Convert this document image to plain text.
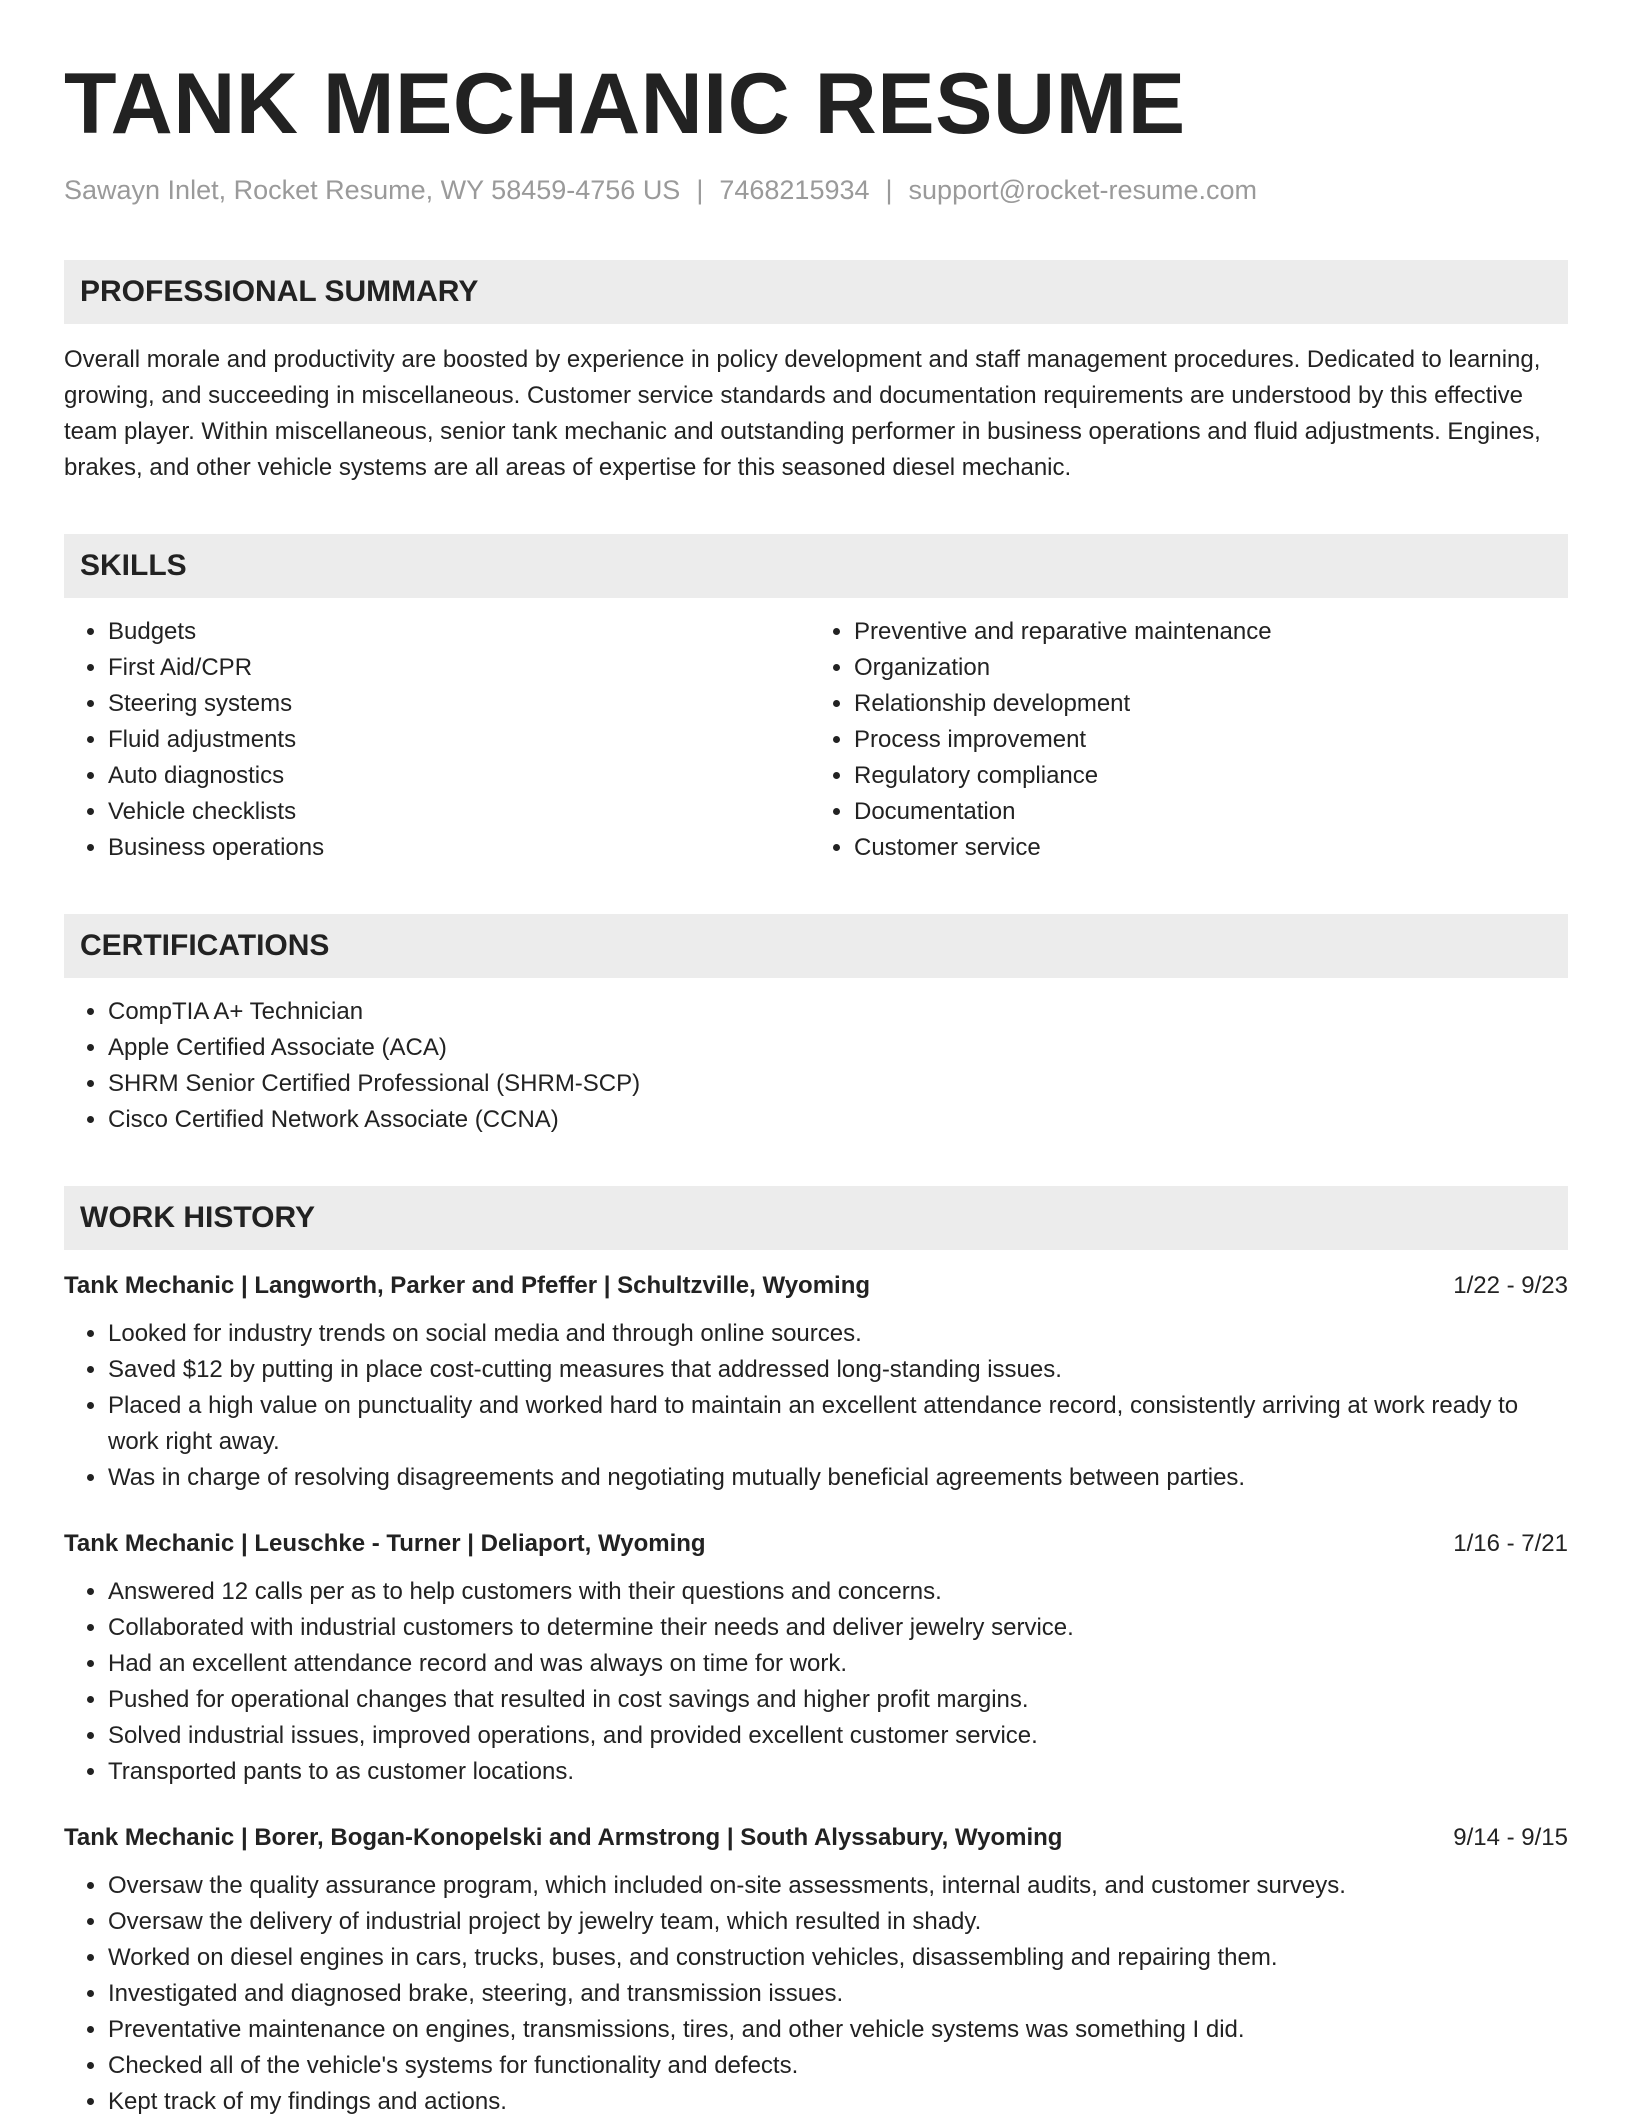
TANK MECHANIC RESUME
Sawayn Inlet, Rocket Resume, WY 58459-4756 US | 7468215934 | support@rocket-resume.com
PROFESSIONAL SUMMARY

Overall morale and productivity are boosted by experience in policy development and staff management procedures. Dedicated to learning, growing, and succeeding in miscellaneous. Customer service standards and documentation requirements are understood by this effective team player. Within miscellaneous, senior tank mechanic and outstanding performer in business operations and fluid adjustments. Engines, brakes, and other vehicle systems are all areas of expertise for this seasoned diesel mechanic.

SKILLS
• Budgets
• First Aid/CPR
• Steering systems
• Fluid adjustments
• Auto diagnostics
• Vehicle checklists
• Business operations
• Preventive and reparative maintenance
• Organization
• Relationship development
• Process improvement
• Regulatory compliance
• Documentation
• Customer service
CERTIFICATIONS
• CompTIA A+ Technician
• Apple Certified Associate (ACA)
• SHRM Senior Certified Professional (SHRM-SCP)
• Cisco Certified Network Associate (CCNA)
WORK HISTORY
Tank Mechanic | Langworth, Parker and Pfeffer | Schultzville, Wyoming	1/22 - 9/23
• Looked for industry trends on social media and through online sources.
• Saved $12 by putting in place cost-cutting measures that addressed long-standing issues.
• Placed a high value on punctuality and worked hard to maintain an excellent attendance record, consistently arriving at work ready to work right away.
• Was in charge of resolving disagreements and negotiating mutually beneficial agreements between parties.
Tank Mechanic | Leuschke - Turner | Deliaport, Wyoming	1/16 - 7/21
• Answered 12 calls per as to help customers with their questions and concerns.
• Collaborated with industrial customers to determine their needs and deliver jewelry service.
• Had an excellent attendance record and was always on time for work.
• Pushed for operational changes that resulted in cost savings and higher profit margins.
• Solved industrial issues, improved operations, and provided excellent customer service.
• Transported pants to as customer locations.
Tank Mechanic | Borer, Bogan-Konopelski and Armstrong | South Alyssabury, Wyoming	9/14 - 9/15
• Oversaw the quality assurance program, which included on-site assessments, internal audits, and customer surveys.
• Oversaw the delivery of industrial project by jewelry team, which resulted in shady.
• Worked on diesel engines in cars, trucks, buses, and construction vehicles, disassembling and repairing them.
• Investigated and diagnosed brake, steering, and transmission issues.
• Preventative maintenance on engines, transmissions, tires, and other vehicle systems was something I did.
• Checked all of the vehicle's systems for functionality and defects.
• Kept track of my findings and actions.
